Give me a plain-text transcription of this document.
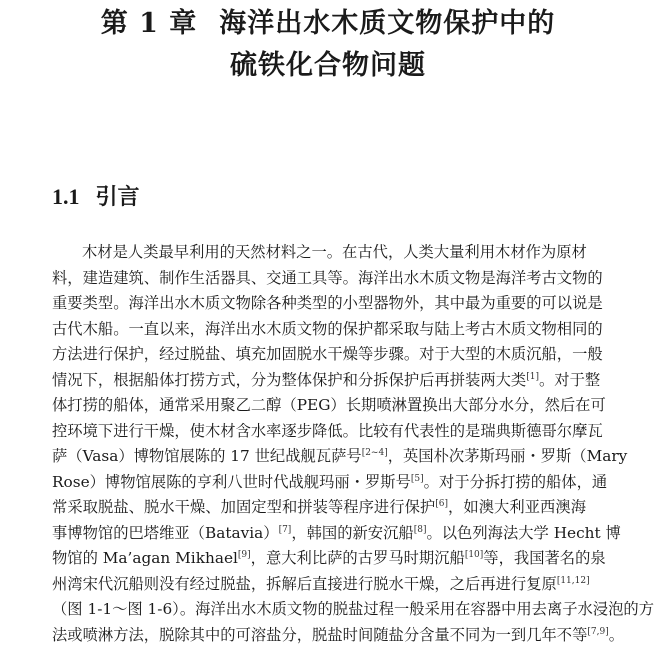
第 1 章 海洋出水木质文物保护中的
硫铁化合物问题
1.1 引言
木材是人类最早利用的天然材料之一。在古代，人类大量利用木材作为原材
料，建造建筑、制作生活器具、交通工具等。海洋出水木质文物是海洋考古文物的
重要类型。海洋出水木质文物除各种类型的小型器物外，其中最为重要的可以说是
古代木船。一直以来，海洋出水木质文物的保护都采取与陆上考古木质文物相同的
方法进行保护，经过脱盐、填充加固脱水干燥等步骤。对于大型的木质沉船，一般
情况下，根据船体打捞方式，分为整体保护和分拆保护后再拼装两大类[1]。对于整
体打捞的船体，通常采用聚乙二醇（PEG）长期喷淋置换出大部分水分，然后在可
控环境下进行干燥，使木材含水率逐步降低。比较有代表性的是瑞典斯德哥尔摩瓦
萨（Vasa）博物馆展陈的 17 世纪战舰瓦萨号[2~4]，英国朴次茅斯玛丽・罗斯（Mary
Rose）博物馆展陈的亨利八世时代战舰玛丽・罗斯号[5]。对于分拆打捞的船体，通
常采取脱盐、脱水干燥、加固定型和拼装等程序进行保护[6]，如澳大利亚西澳海
事博物馆的巴塔维亚（Batavia）[7]，韩国的新安沉船[8]。以色列海法大学 Hecht 博
物馆的 Ma’agan Mikhael[9]，意大利比萨的古罗马时期沉船[10]等，我国著名的泉
州湾宋代沉船则没有经过脱盐，拆解后直接进行脱水干燥，之后再进行复原[11,12]
（图 1-1～图 1-6）。海洋出水木质文物的脱盐过程一般采用在容器中用去离子水浸泡的方
法或喷淋方法，脱除其中的可溶盐分，脱盐时间随盐分含量不同为一到几年不等[7,9]。
